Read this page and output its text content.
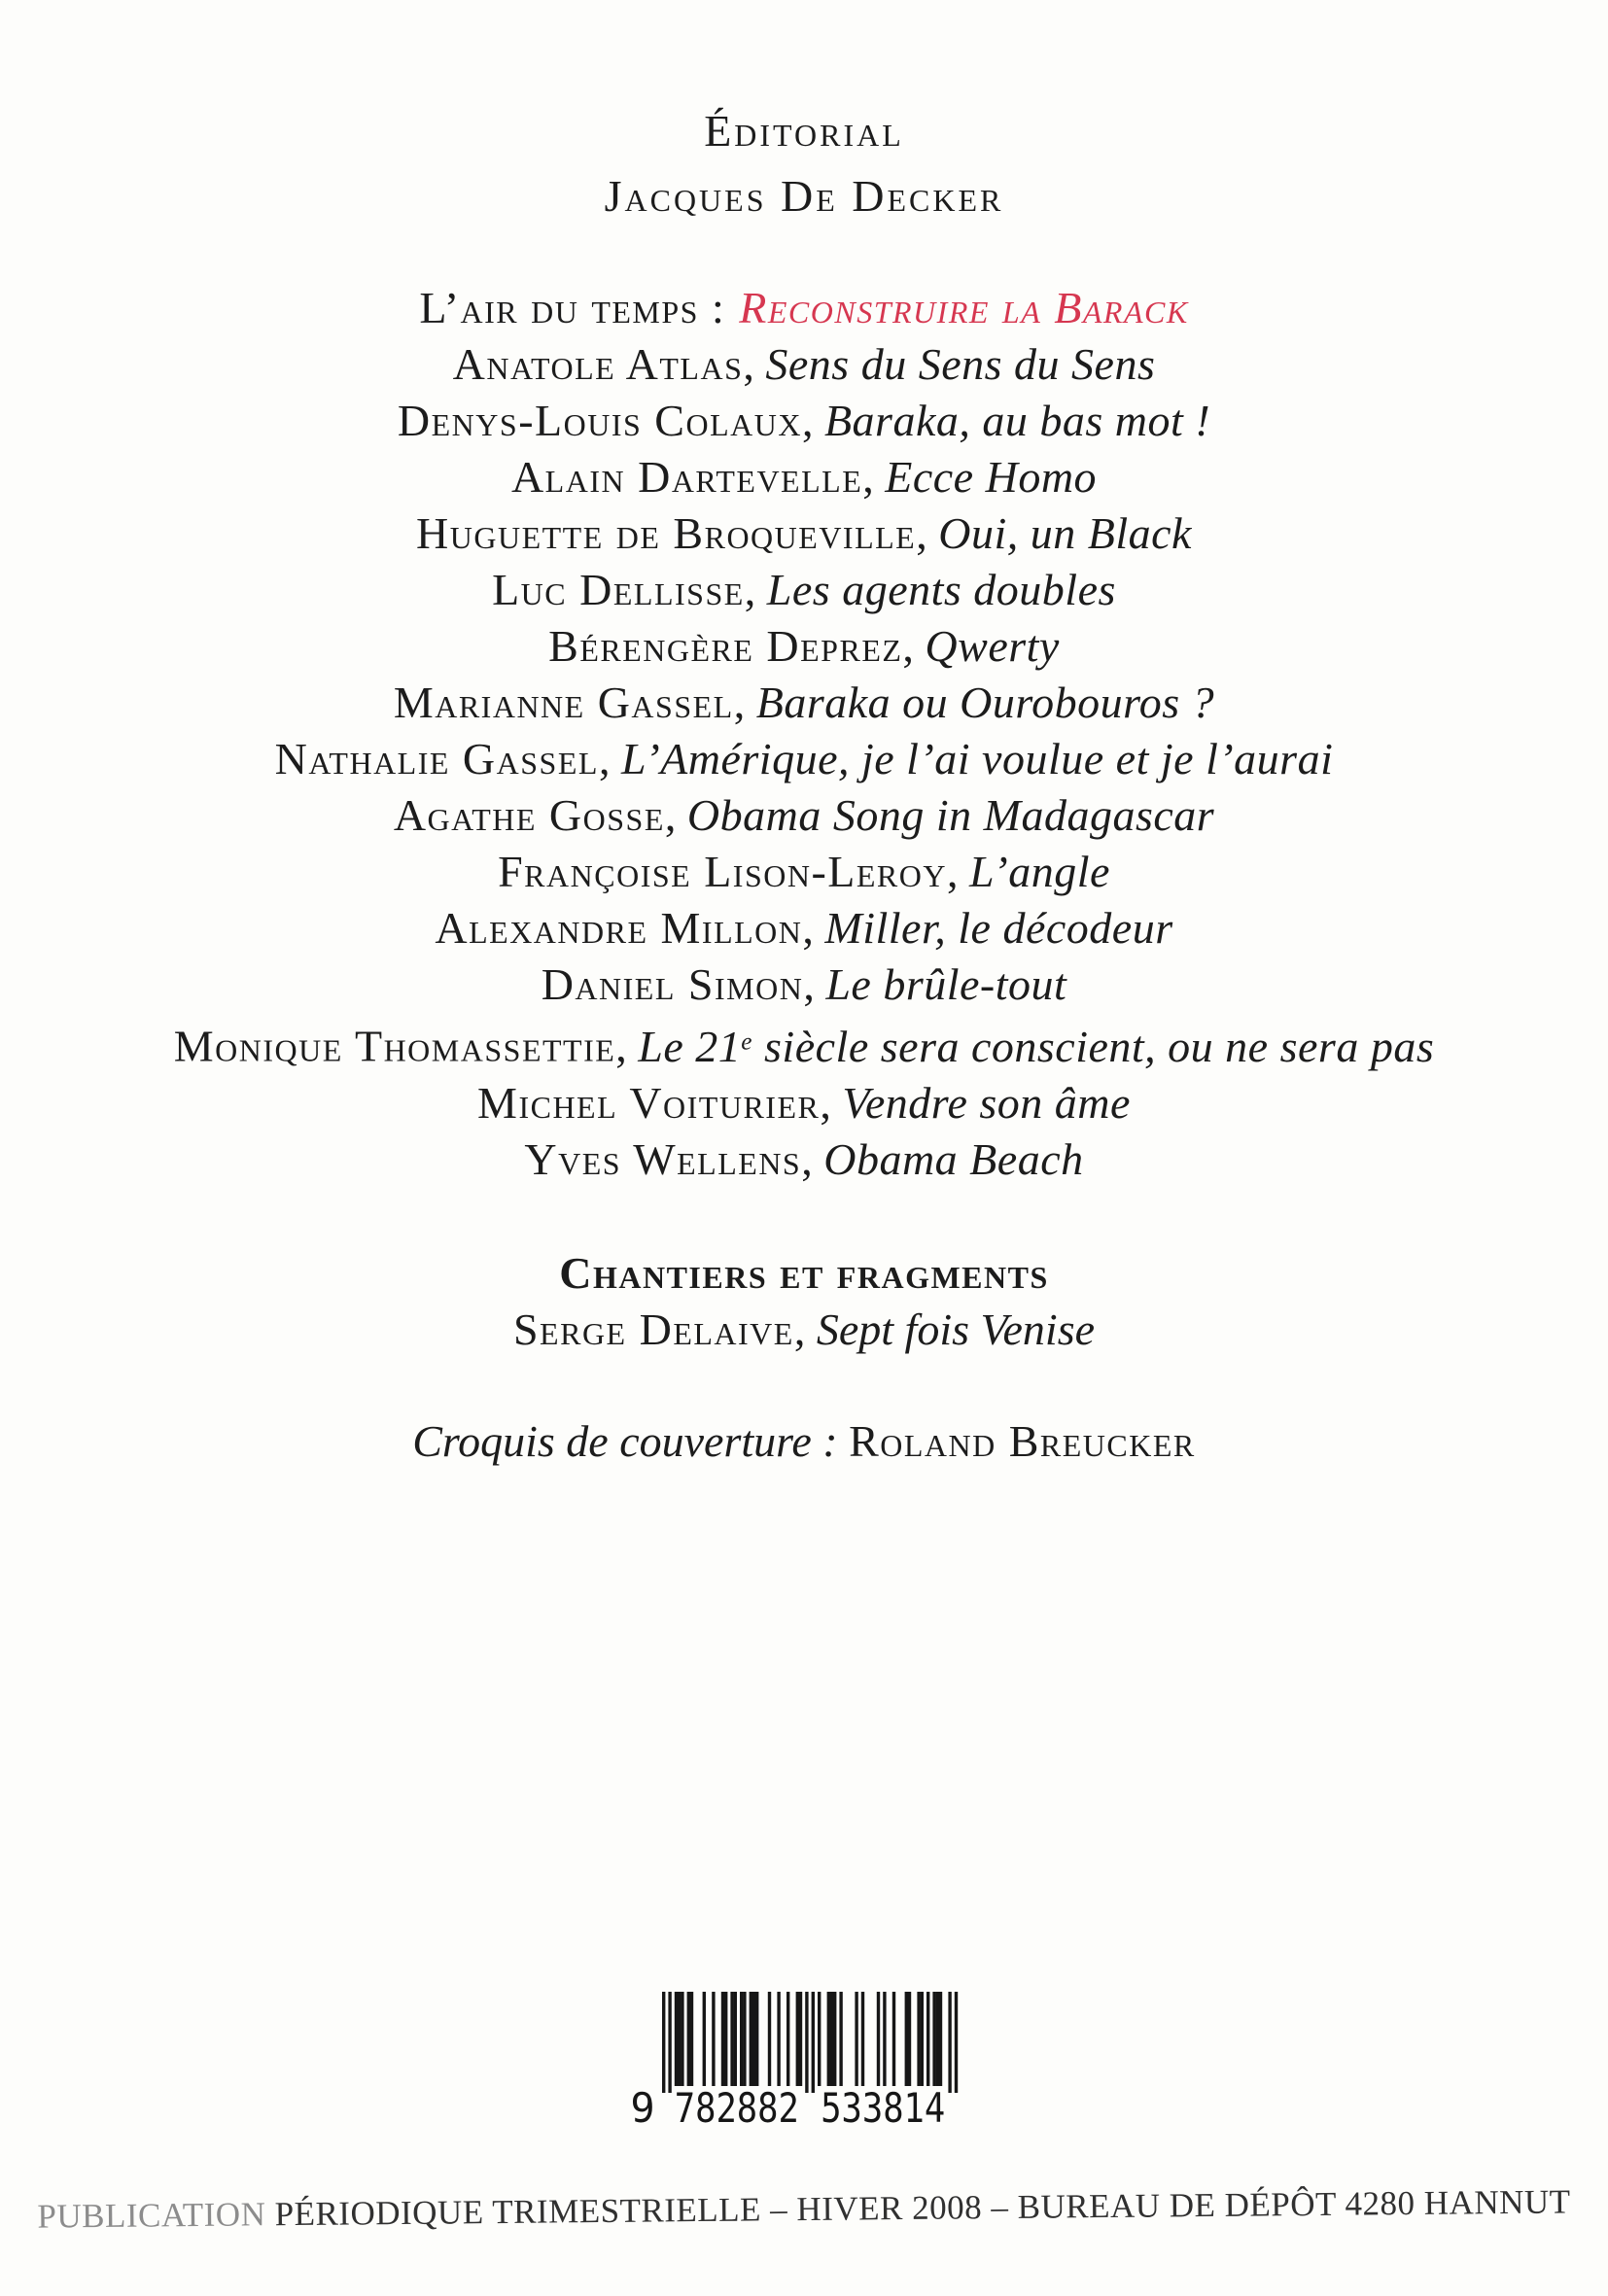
Éditorial
Jacques De Decker
L’air du temps : Reconstruire la Barack
Anatole Atlas, Sens du Sens du Sens
Denys-Louis Colaux, Baraka, au bas mot !
Alain Dartevelle, Ecce Homo
Huguette de Broqueville, Oui, un Black
Luc Dellisse, Les agents doubles
Bérengère Deprez, Qwerty
Marianne Gassel, Baraka ou Ourobouros ?
Nathalie Gassel, L’Amérique, je l’ai voulue et je l’aurai
Agathe Gosse, Obama Song in Madagascar
Françoise Lison-Leroy, L’angle
Alexandre Millon, Miller, le décodeur
Daniel Simon, Le brûle-tout
Monique Thomassettie, Le 21e siècle sera conscient, ou ne sera pas
Michel Voiturier, Vendre son âme
Yves Wellens, Obama Beach
Chantiers et fragments
Serge Delaive, Sept fois Venise
Croquis de couverture : Roland Breucker
9 782882 533814
PUBLICATION PÉRIODIQUE TRIMESTRIELLE – HIVER 2008 – BUREAU DE DÉPÔT 4280 HANNUT
